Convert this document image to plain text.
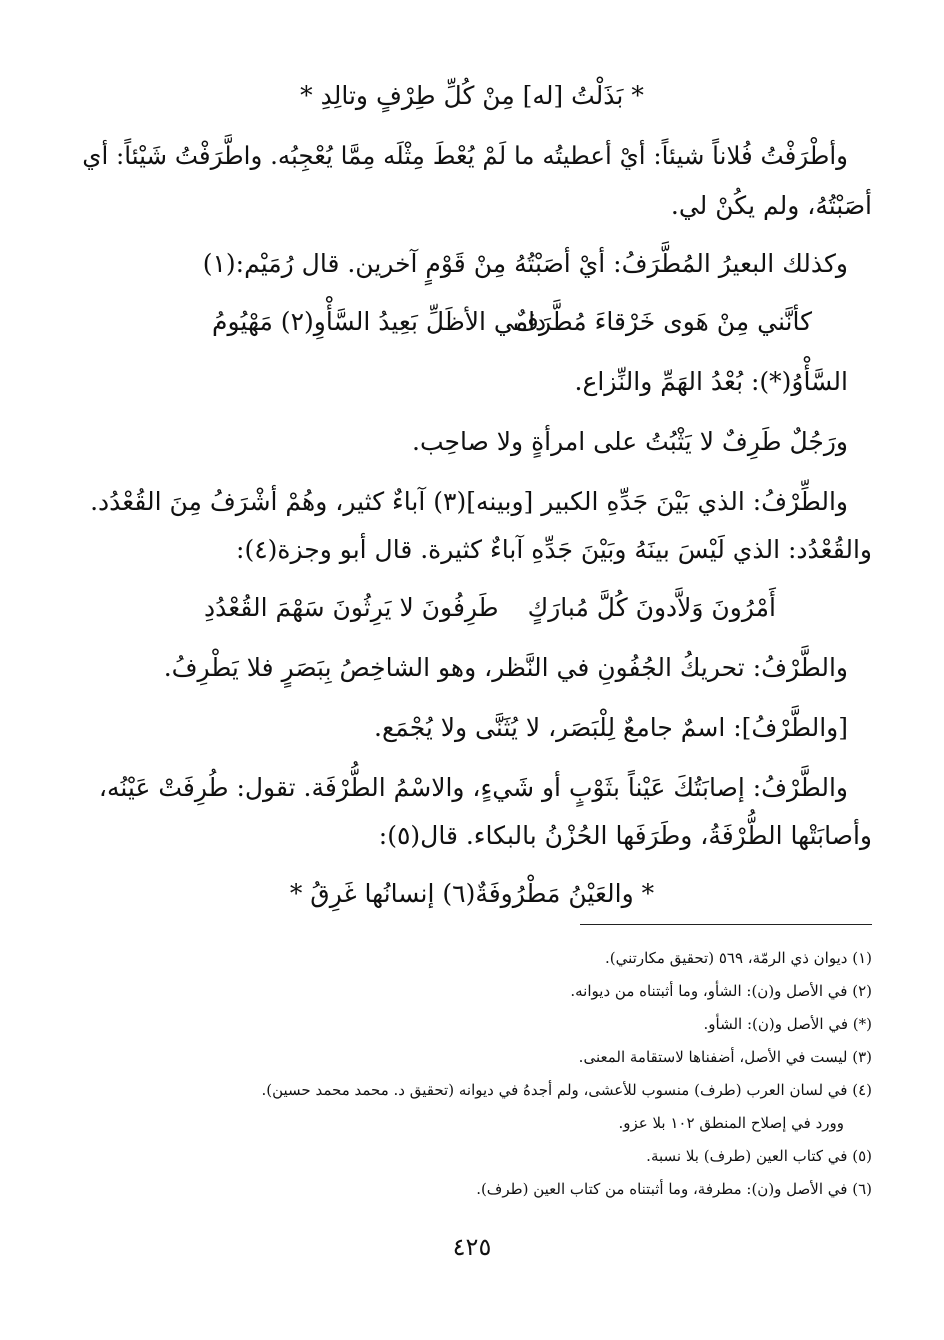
* بَذَلْتُ [له] مِنْ كُلِّ طِرْفٍ وتالِدِ *
وأطْرَفْتُ فُلاناً شيئاً: أيْ أعطيتُه ما لَمْ يُعْطَ مِثْلَه مِمَّا يُعْجِبُه. واطَّرَفْتُ شَيْئاً: أي
أصَبْتُهُ، ولم يكُنْ لي.
وكذلك البعيرُ المُطَّرَفُ: أيْ أصَبْتُهُ مِنْ قَوْمٍ آخرين. قال رُمَيْم:(١)
كأنَّني مِنْ هَوى خَرْقاءَ مُطَّرَفٌ
دامي الأظَلِّ بَعِيدُ السَّأْوِ(٢) مَهْيُومُ
السَّأْوُ(*): بُعْدُ الهَمِّ والنِّزاع.
ورَجُلٌ طَرِفٌ لا يَثْبُتُ على امرأةٍ ولا صاحِب.
والطِّرْفُ: الذي بَيْنَ جَدِّهِ الكبير [وبينه](٣) آباءٌ كثير، وهُمْ أشْرَفُ مِنَ القُعْدُد.
والقُعْدُد: الذي لَيْسَ بينَهُ وبَيْنَ جَدِّهِ آباءٌ كثيرة. قال أبو وجزة(٤):
أَمْرُونَ وَلاَّدونَ كُلَّ مُبارَكٍ
طَرِفُونَ لا يَرِثُونَ سَهْمَ القُعْدُدِ
والطَّرْفُ: تحريكُ الجُفُونِ في النَّظر، وهو الشاخِصُ بِبَصَرٍ فلا يَطْرِفُ.
[والطَّرْفُ]: اسمٌ جامعٌ لِلْبَصَر، لا يُثَنَّى ولا يُجْمَع.
والطَّرْفُ: إصابَتُكَ عَيْناً بثَوْبٍ أو شَيءٍ، والاسْمُ الطُّرْفَة. تقول: طُرِفَتْ عَيْنُه،
وأصابَتْها الطُّرْفَةُ، وطَرَفَها الحُزْنُ بالبكاء. قال(٥):
* والعَيْنُ مَطْرُوفَةٌ(٦) إنسانُها غَرِقُ *
(١) ديوان ذي الرمّة، ٥٦٩ (تحقيق مكارتني).
(٢) في الأصل و(ن): الشأو، وما أثبتناه من ديوانه.
(*) في الأصل و(ن): الشأو.
(٣) ليست في الأصل، أضفناها لاستقامة المعنى.
(٤) في لسان العرب (طرف) منسوب للأعشى، ولم أجدهُ في ديوانه (تحقيق د. محمد محمد حسين).
وورد في إصلاح المنطق ١٠٢ بلا عزو.
(٥) في كتاب العين (طرف) بلا نسبة.
(٦) في الأصل و(ن): مطرفة، وما أثبتناه من كتاب العين (طرف).
٤٢٥
